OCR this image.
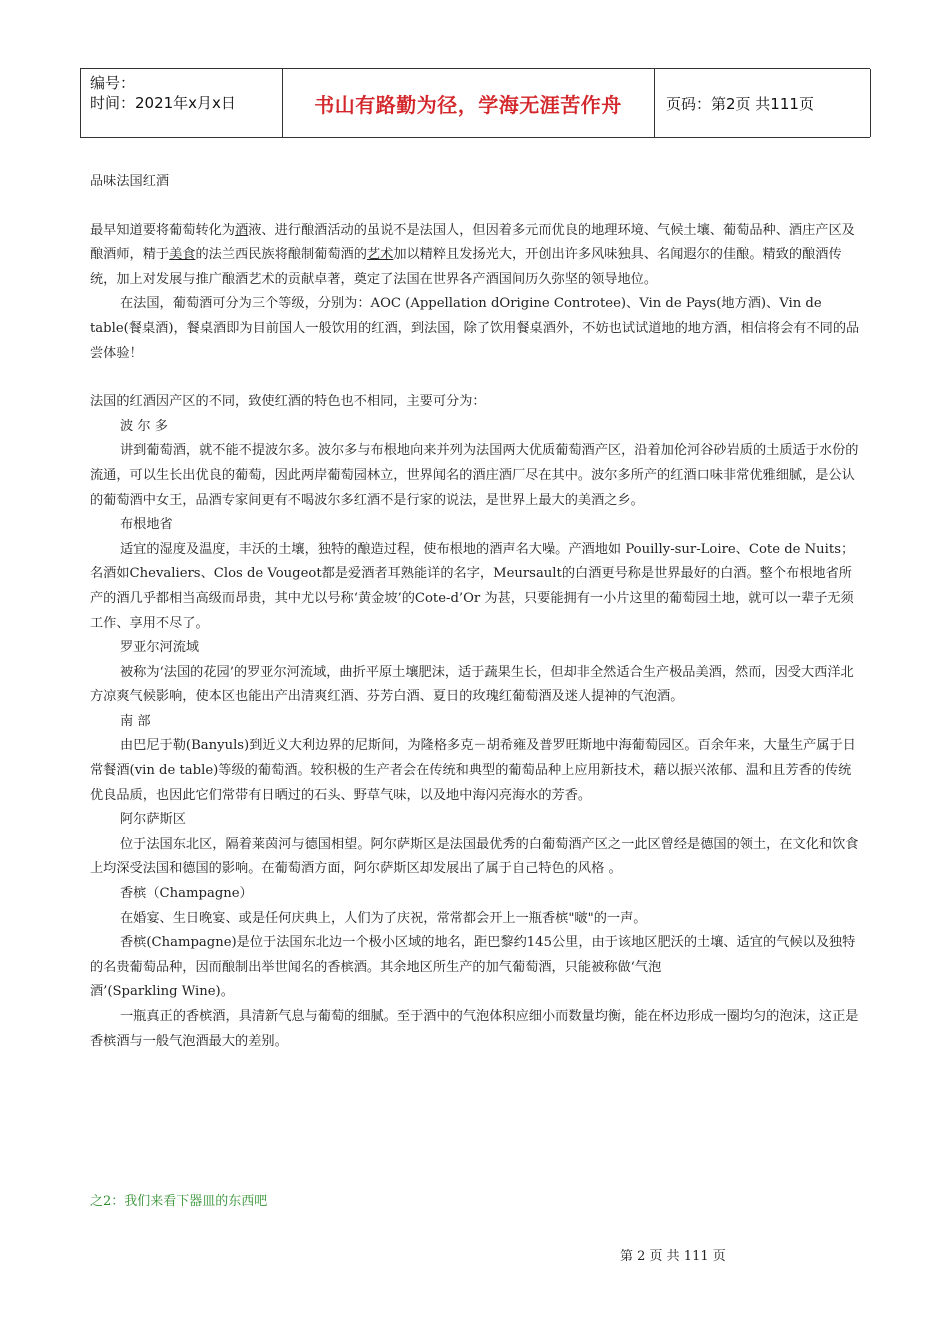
编号：
时间：2021年x月x日	书山有路勤为径，学海无涯苦作舟	页码：第2页 共111页

品味法国红酒

最早知道要将葡萄转化为酒液、进行酿酒活动的虽说不是法国人，但因着多元而优良的地理环境、气候土壤、葡萄品种、酒庄产区及酿酒师，精于美食的法兰西民族将酿制葡萄酒的艺术加以精粹且发扬光大，开创出许多风味独具、名闻遐尔的佳酿。精致的酿酒传统，加上对发展与推广酿酒艺术的贡献卓著，奠定了法国在世界各产酒国间历久弥坚的领导地位。

在法国，葡萄酒可分为三个等级，分别为：AOC (Appellation dOrigine Controtee)、Vin de Pays(地方酒)、Vin de table(餐桌酒)，餐桌酒即为目前国人一般饮用的红酒，到法国，除了饮用餐桌酒外，不妨也试试道地的地方酒，相信将会有不同的品尝体验！

法国的红酒因产区的不同，致使红酒的特色也不相同，主要可分为：

波 尔 多

讲到葡萄酒，就不能不提波尔多。波尔多与布根地向来并列为法国两大优质葡萄酒产区，沿着加伦河谷砂岩质的土质适于水份的流通，可以生长出优良的葡萄，因此两岸葡萄园林立，世界闻名的酒庄酒厂尽在其中。波尔多所产的红酒口味非常优雅细腻，是公认的葡萄酒中女王，品酒专家间更有不喝波尔多红酒不是行家的说法，是世界上最大的美酒之乡。

布根地省

适宜的湿度及温度，丰沃的土壤，独特的酿造过程，使布根地的酒声名大噪。产酒地如 Pouilly-sur-Loire、Cote de Nuits；名酒如Chevaliers、Clos de Vougeot都是爱酒者耳熟能详的名字，Meursault的白酒更号称是世界最好的白酒。整个布根地省所产的酒几乎都相当高级而昂贵，其中尤以号称‘黄金坡’的Cote-d’Or 为甚，只要能拥有一小片这里的葡萄园土地，就可以一辈子无须工作、享用不尽了。

罗亚尔河流域

被称为‘法国的花园’的罗亚尔河流域，曲折平原土壤肥沫，适于蔬果生长，但却非全然适合生产极品美酒，然而，因受大西洋北方凉爽气候影响，使本区也能出产出清爽红酒、芬芳白酒、夏日的玫瑰红葡萄酒及迷人提神的气泡酒。

南 部

由巴尼于勒(Banyuls)到近义大利边界的尼斯间，为隆格多克－胡希雍及普罗旺斯地中海葡萄园区。百余年来，大量生产属于日常餐酒(vin de table)等级的葡萄酒。较积极的生产者会在传统和典型的葡萄品种上应用新技术，藉以振兴浓郁、温和且芳香的传统优良品质，也因此它们常带有日晒过的石头、野草气味，以及地中海闪亮海水的芳香。

阿尔萨斯区

位于法国东北区，隔着莱茵河与德国相望。阿尔萨斯区是法国最优秀的白葡萄酒产区之一此区曾经是德国的领土，在文化和饮食上均深受法国和德国的影响。在葡萄酒方面，阿尔萨斯区却发展出了属于自己特色的风格 。

香槟（Champagne）

在婚宴、生日晚宴、或是任何庆典上，人们为了庆祝，常常都会开上一瓶香槟"啵"的一声。

香槟(Champagne)是位于法国东北边一个极小区域的地名，距巴黎约145公里，由于该地区肥沃的土壤、适宜的气候以及独特的名贵葡萄品种，因而酿制出举世闻名的香槟酒。其余地区所生产的加气葡萄酒，只能被称做‘气泡

酒’(Sparkling Wine)。

一瓶真正的香槟酒，具清新气息与葡萄的细腻。至于酒中的气泡体积应细小而数量均衡，能在杯边形成一圈均匀的泡沫，这正是香槟酒与一般气泡酒最大的差别。

之2：我们来看下器皿的东西吧
第 2 页 共 111 页
